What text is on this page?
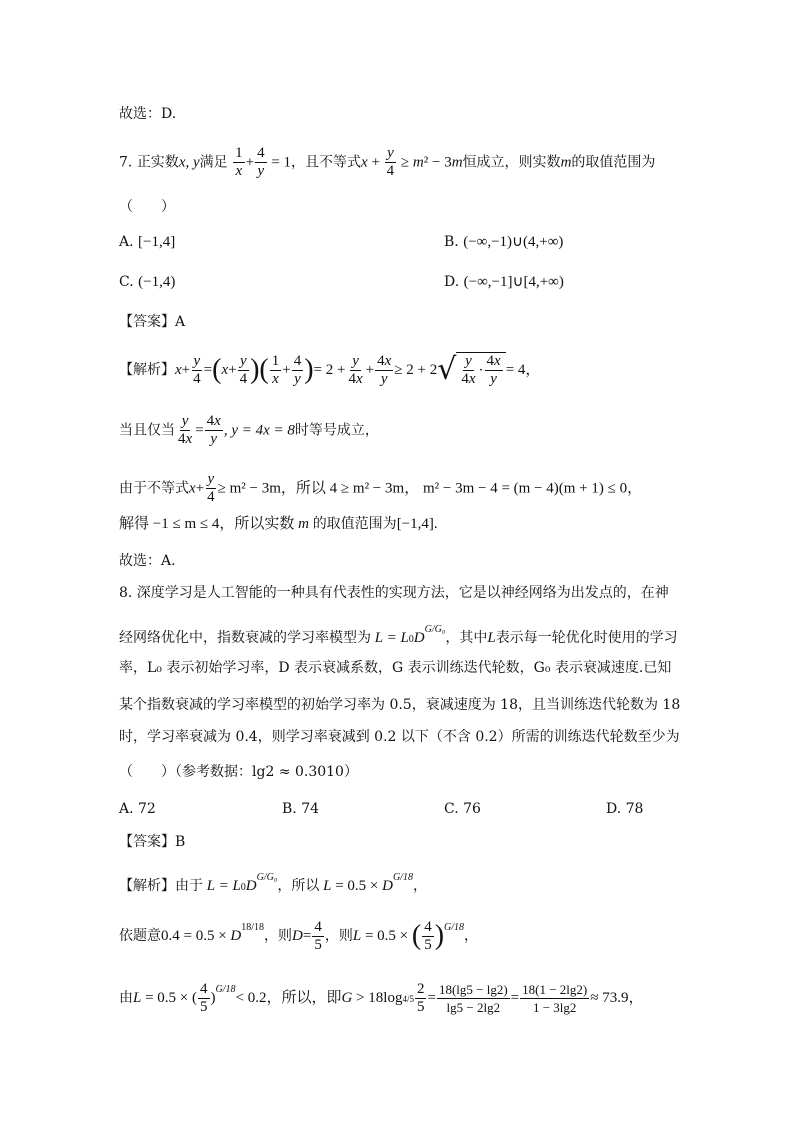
故选：D.
7. 正实数x, y满足 $\frac{1}{x} + \frac{4}{y} = 1$，且不等式$x + \frac{y}{4} \ge m^2 - 3m$恒成立，则实数m的取值范围为
（　　）
A. [−1,4]	B. (−∞,−1)∪(4,+∞)
C. (−1,4)	D. (−∞,−1]∪[4,+∞)
【答案】A
【解析】$x+ \frac{y}{4} =(x+ \frac{y}{4}$ )( $\frac{1}{x} + \frac{4}{y}$ )= $2 + \frac{y}{4x} + \frac{4x}{y} \ge 2 + 2√ \frac{y}{4x} \cdot \frac{4x}{y} = 4$，
当且仅当 $\frac{y}{4x} = \frac{4x}{y}$ , y = 4x = 8时等号成立，
由于不等式$x+ \frac{y}{4} \ge m^2 - 3m$，所以 4 ≥ m² − 3m， m² − 3m − 4 = (m − 4)(m + 1) ≤ 0，
解得 −1 ≤ m ≤ 4，所以实数 m 的取值范围为[−1,4].
故选：A.
8. 深度学习是人工智能的一种具有代表性的实现方法，它是以神经网络为出发点的，在神
经网络优化中，指数衰减的学习率模型为 $L = L0D^{G/G_0}$，其中L表示每一轮优化时使用的学习
率，L₀ 表示初始学习率，D 表示衰减系数，G 表示训练迭代轮数，G₀ 表示衰减速度.已知
某个指数衰减的学习率模型的初始学习率为 0.5，衰减速度为 18，且当训练迭代轮数为 18
时，学习率衰减为 0.4，则学习率衰减到 0.2 以下（不含 0.2）所需的训练迭代轮数至少为
（　　）（参考数据：lg2 ≈ 0.3010）
A. 72	B. 74	C. 76	D. 78
【答案】B
【解析】由于 $L = L0D^{G/G_0}$，所以 $L = 0.5 \times D^{G/18}$，
依题意$0.4 = 0.5 \times D^{18/18}$，则$D= \frac{4}{5}$ ，则L = 0.5 × ( $\frac{4}{5} )^{G/18}$，
由L = 0.5 × ( $\frac{4}{5} )^{G/18}< 0.2$，所以，即$G > 18\log 4/5 \frac{2}{5} = \frac{18(\lg 5 - \lg 2)}{\lg 5 - 2\lg 2} = \frac{18(1 - 2\lg 2)}{1 - 3\lg 2} \approx 73.9$，
